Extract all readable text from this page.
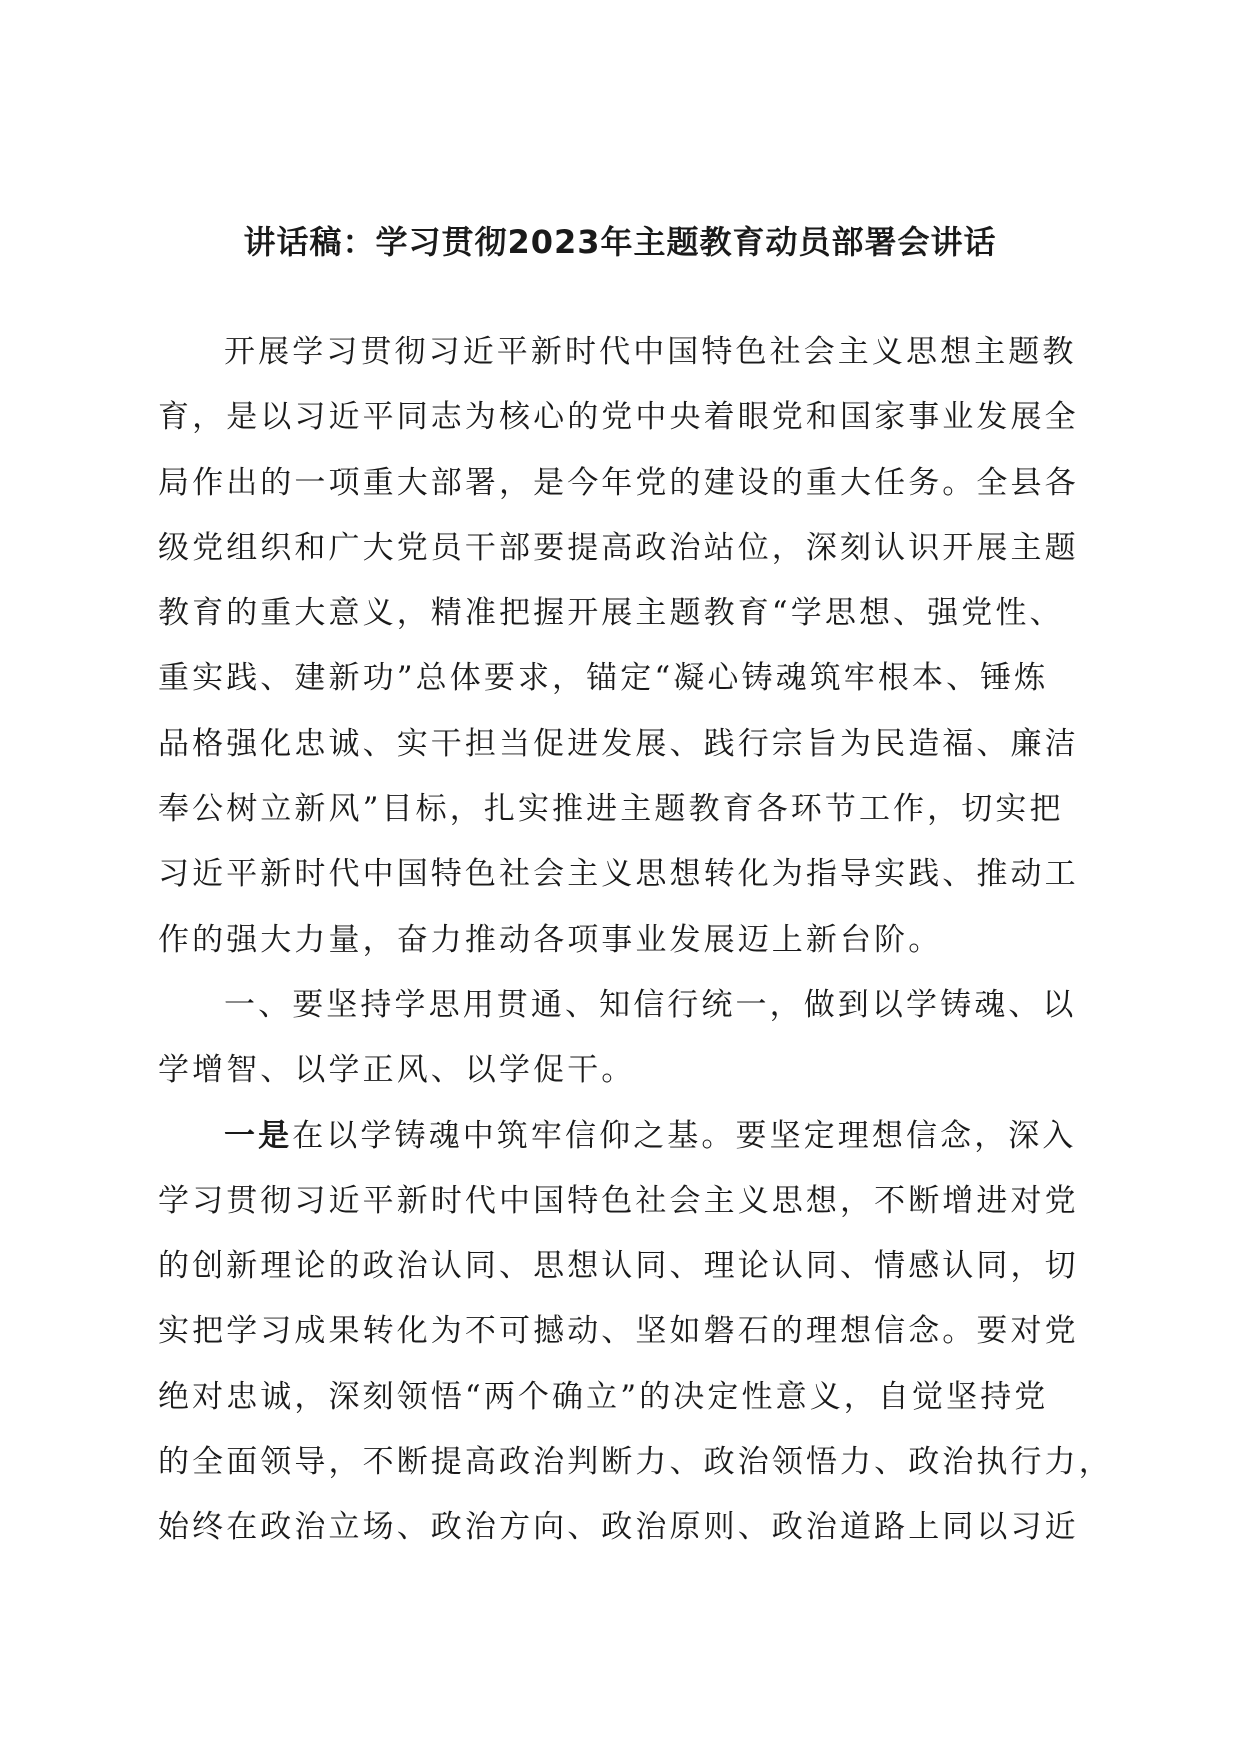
讲话稿：学习贯彻2023年主题教育动员部署会讲话
开展学习贯彻习近平新时代中国特色社会主义思想主题教
育，是以习近平同志为核心的党中央着眼党和国家事业发展全
局作出的一项重大部署，是今年党的建设的重大任务。全县各
级党组织和广大党员干部要提高政治站位，深刻认识开展主题
教育的重大意义，精准把握开展主题教育“学思想、强党性、
重实践、建新功”总体要求，锚定“凝心铸魂筑牢根本、锤炼
品格强化忠诚、实干担当促进发展、践行宗旨为民造福、廉洁
奉公树立新风”目标，扎实推进主题教育各环节工作，切实把
习近平新时代中国特色社会主义思想转化为指导实践、推动工
作的强大力量，奋力推动各项事业发展迈上新台阶。
一、要坚持学思用贯通、知信行统一，做到以学铸魂、以
学增智、以学正风、以学促干。
一是在以学铸魂中筑牢信仰之基。要坚定理想信念，深入
学习贯彻习近平新时代中国特色社会主义思想，不断增进对党
的创新理论的政治认同、思想认同、理论认同、情感认同，切
实把学习成果转化为不可撼动、坚如磐石的理想信念。要对党
绝对忠诚，深刻领悟“两个确立”的决定性意义，自觉坚持党
的全面领导，不断提高政治判断力、政治领悟力、政治执行力，
始终在政治立场、政治方向、政治原则、政治道路上同以习近
